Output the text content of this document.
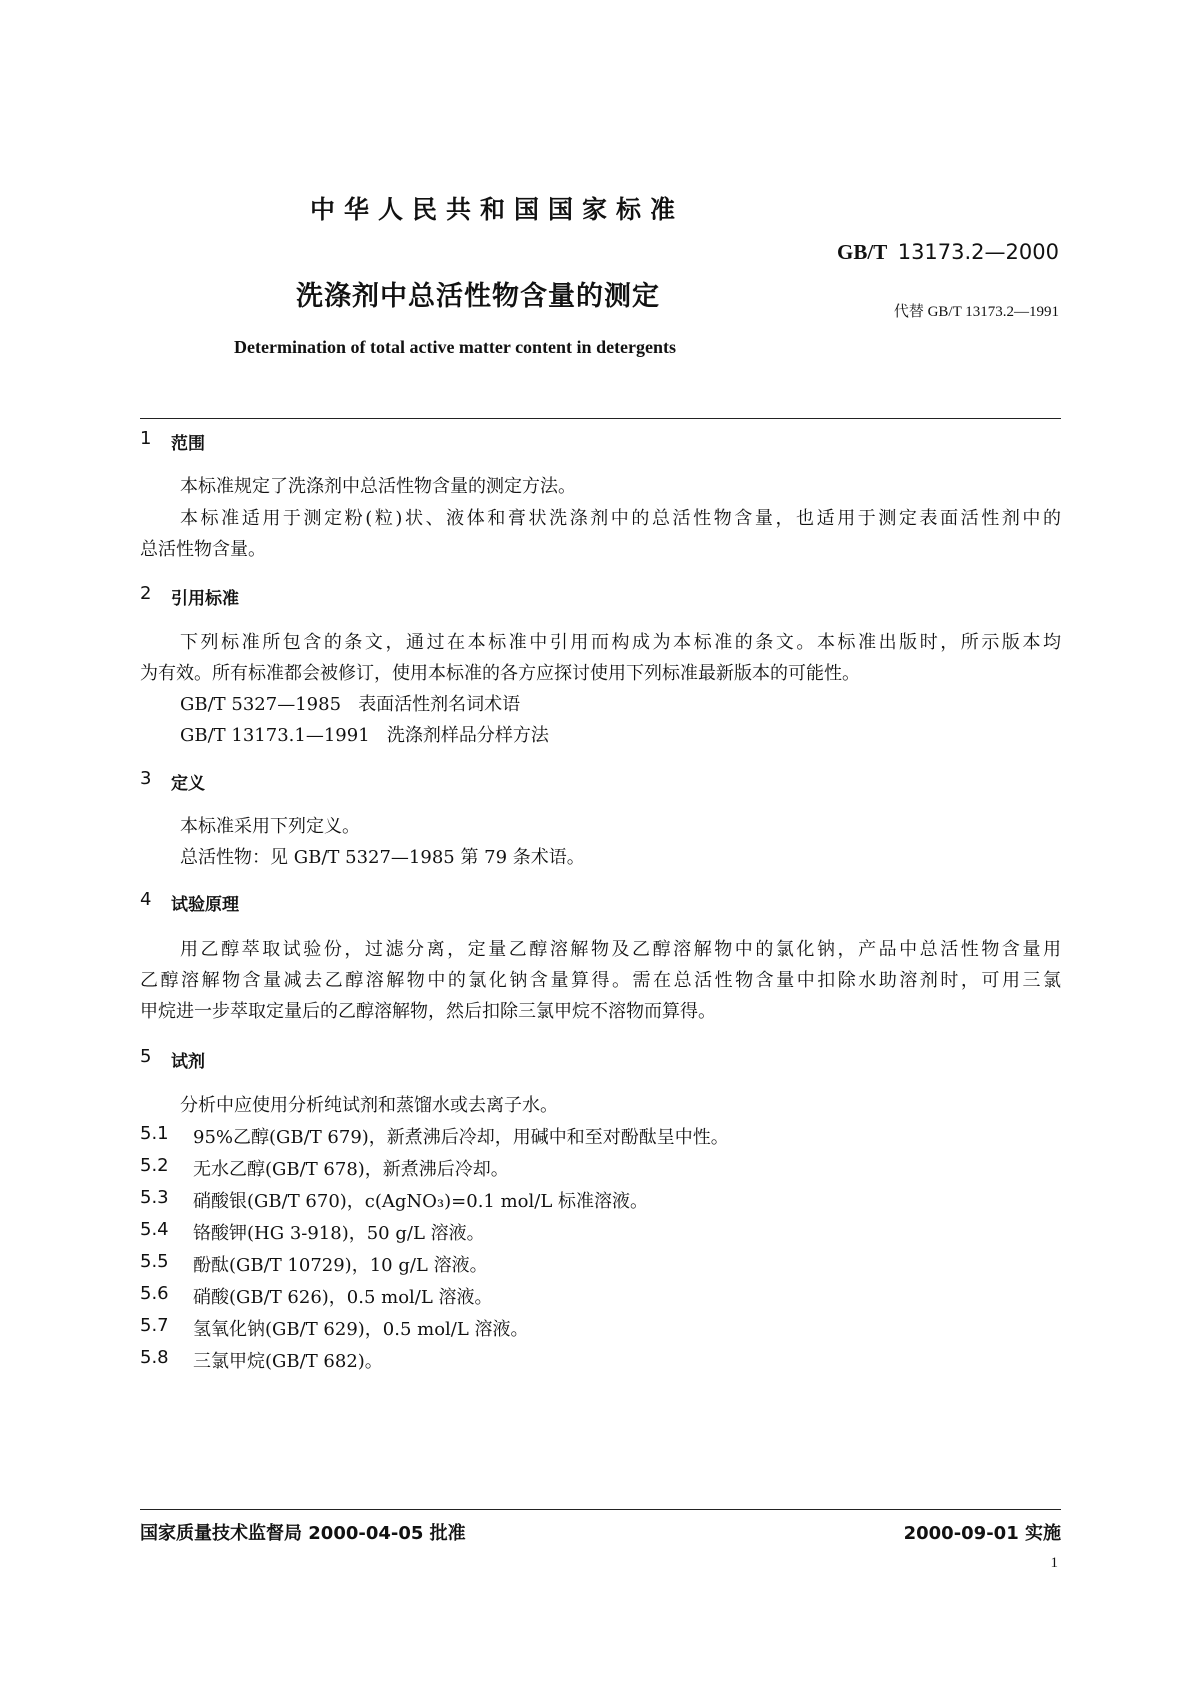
中华人民共和国国家标准
GB/T 13173.2—2000
洗涤剂中总活性物含量的测定	代替 GB/T 13173.2—1991
Determination of total active matter content in detergents
1 范围
本标准规定了洗涤剂中总活性物含量的测定方法。
本标准适用于测定粉(粒)状、液体和膏状洗涤剂中的总活性物含量，也适用于测定表面活性剂中的
总活性物含量。
2 引用标准
下列标准所包含的条文，通过在本标准中引用而构成为本标准的条文。本标准出版时，所示版本均
为有效。所有标准都会被修订，使用本标准的各方应探讨使用下列标准最新版本的可能性。
GB/T 5327—1985 表面活性剂名词术语
GB/T 13173.1—1991 洗涤剂样品分样方法
3 定义
本标准采用下列定义。
总活性物：见 GB/T 5327—1985 第 79 条术语。
4 试验原理
用乙醇萃取试验份，过滤分离，定量乙醇溶解物及乙醇溶解物中的氯化钠，产品中总活性物含量用
乙醇溶解物含量减去乙醇溶解物中的氯化钠含量算得。需在总活性物含量中扣除水助溶剂时，可用三氯
甲烷进一步萃取定量后的乙醇溶解物，然后扣除三氯甲烷不溶物而算得。
5 试剂
分析中应使用分析纯试剂和蒸馏水或去离子水。
5.1 95%乙醇(GB/T 679)，新煮沸后冷却，用碱中和至对酚酞呈中性。
5.2 无水乙醇(GB/T 678)，新煮沸后冷却。
5.3 硝酸银(GB/T 670)，c(AgNO₃)=0.1 mol/L 标准溶液。
5.4 铬酸钾(HG 3-918)，50 g/L 溶液。
5.5 酚酞(GB/T 10729)，10 g/L 溶液。
5.6 硝酸(GB/T 626)，0.5 mol/L 溶液。
5.7 氢氧化钠(GB/T 629)，0.5 mol/L 溶液。
5.8 三氯甲烷(GB/T 682)。
国家质量技术监督局 2000-04-05 批准	2000-09-01 实施
1
